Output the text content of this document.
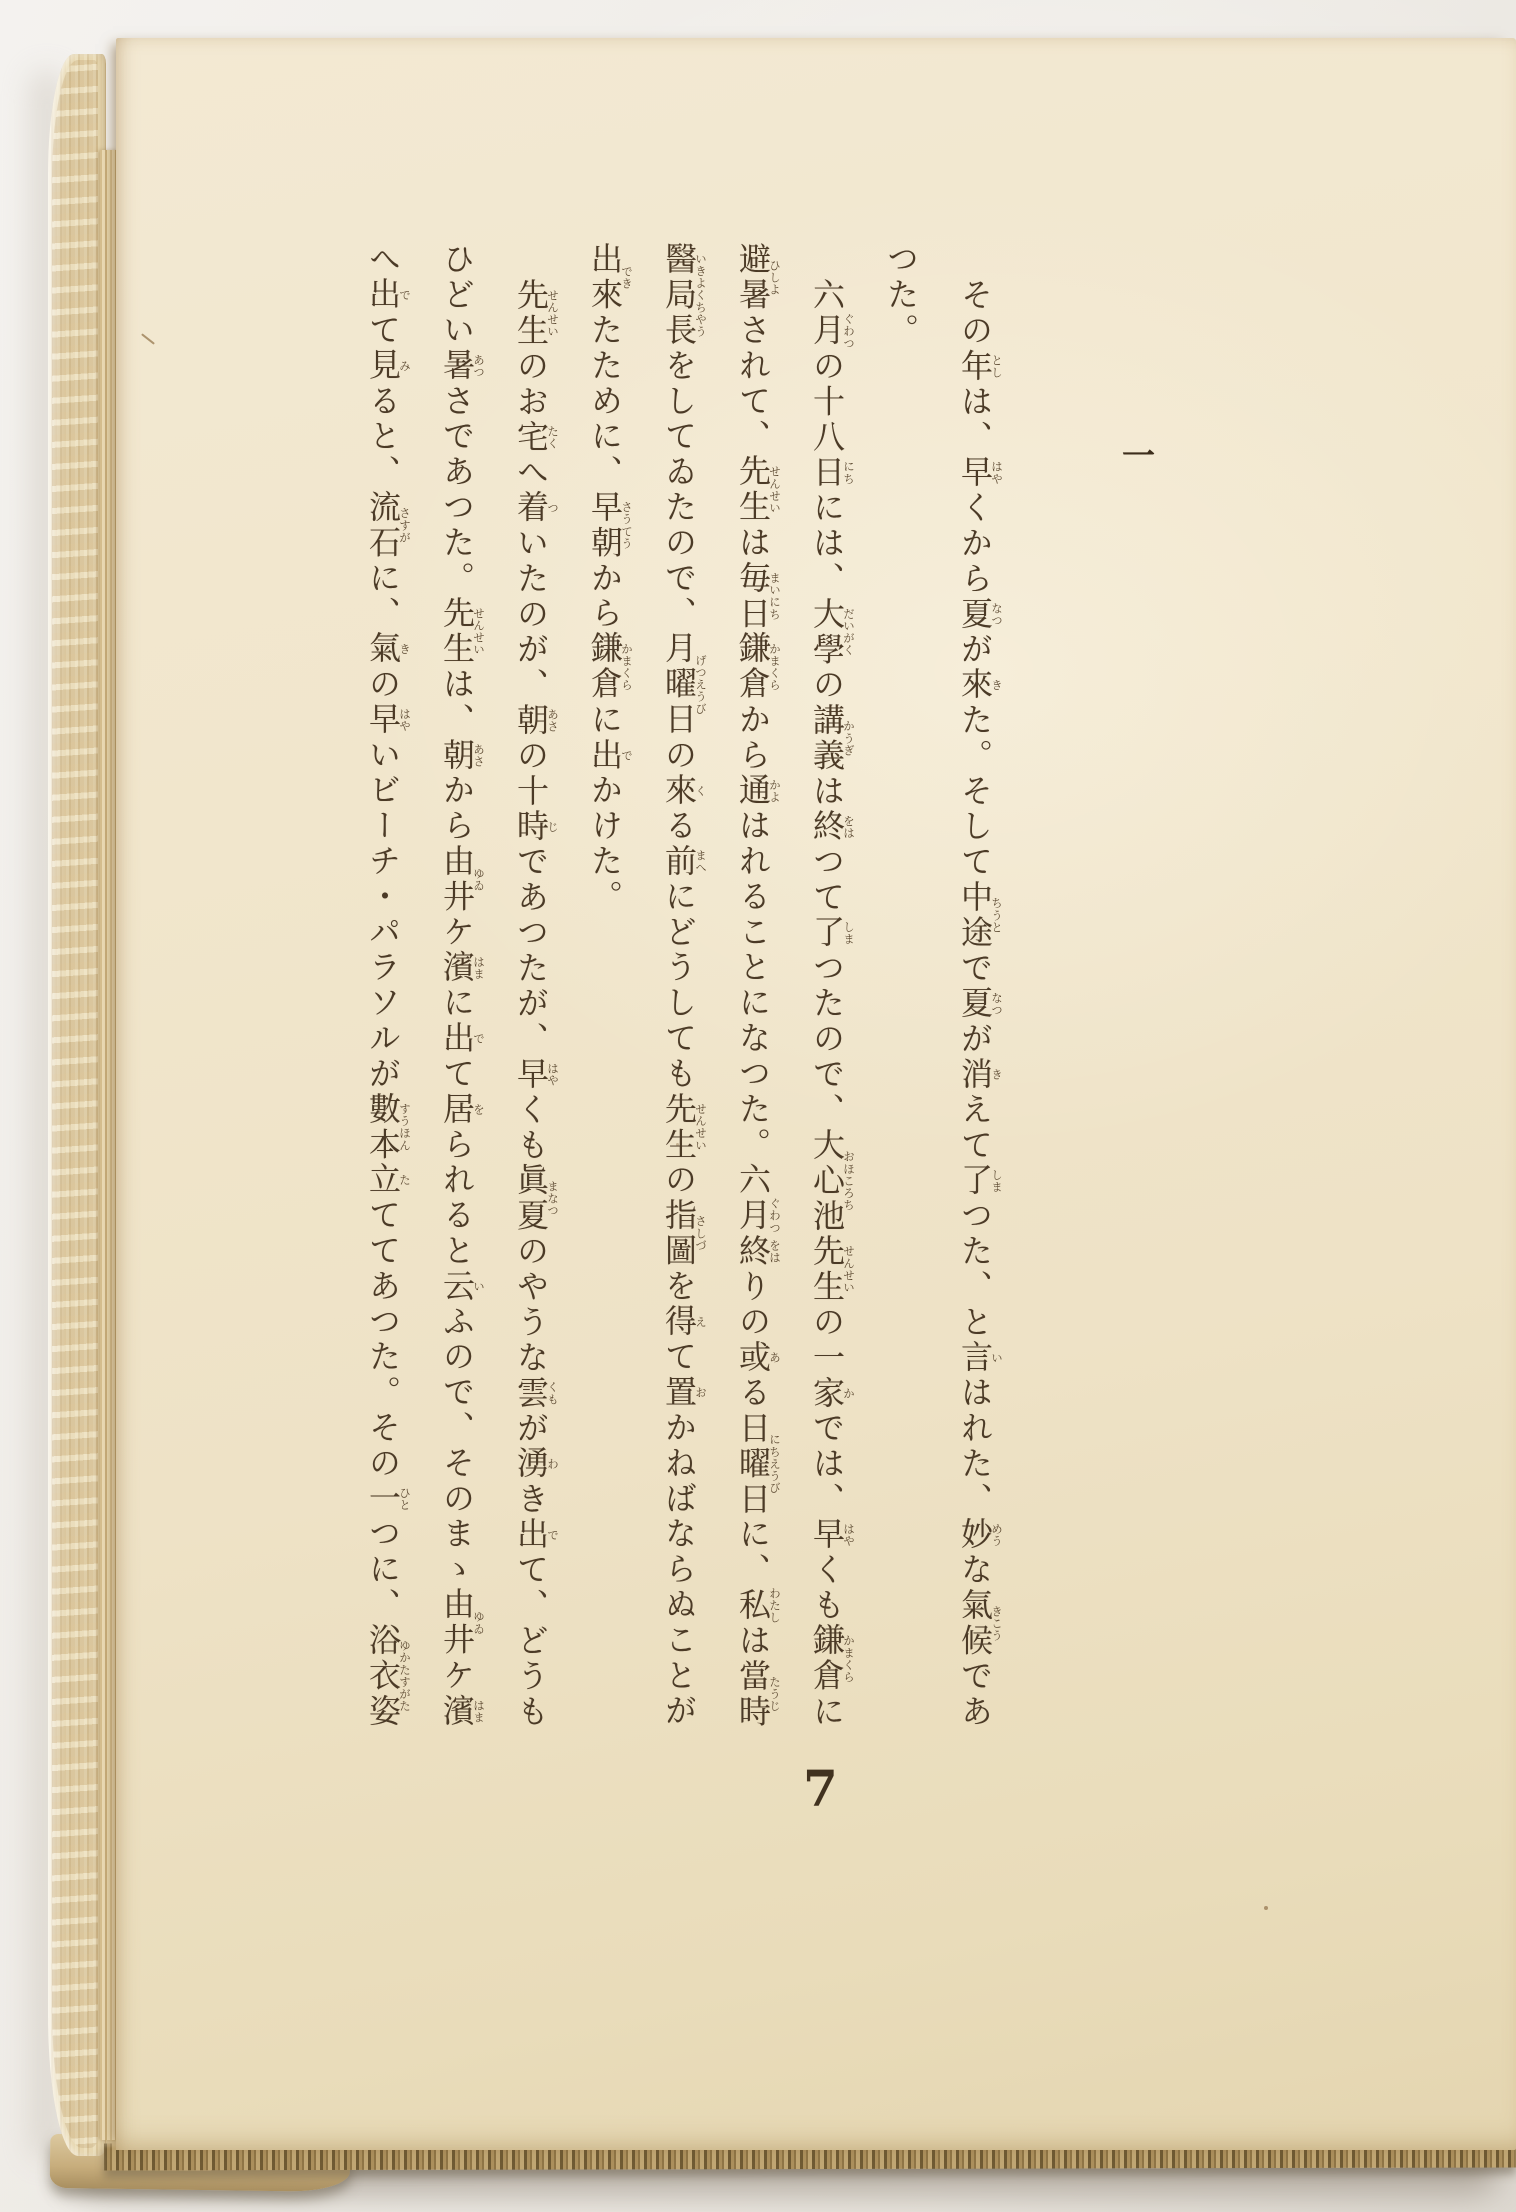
一
その年としは、早はやくから夏なつが來きた。そして中途ちうとで夏なつが消きえて了しまつた、と言いはれた、妙めうな氣候きこうであ
つた。
六月ぐわつの十八日にちには、大學だいがくの講義かうぎは終をはつて了しまつたので、大心池おほころち先生せんせいの一家かでは、早はやくも鎌倉かまくらに
避暑ひしよされて、先生せんせいは毎日まいにち鎌倉かまくらから通かよはれることになつた。六月ぐわつ終をはりの或ある日曜日にちえうびに、私わたしは當時たうじ
醫局長いきよくちやうをしてゐたので、月曜日げつえうびの來くる前まへにどうしても先生せんせいの指圖さしづを得えて置おかねばならぬことが
出來できたために、早朝さうてうから鎌倉かまくらに出でかけた。
先生せんせいのお宅たくへ着ついたのが、朝あさの十時じであつたが、早はやくも眞夏まなつのやうな雲くもが湧わき出でて、どうも
ひどい暑あつさであつた。先生せんせいは、朝あさから由井ゆゐケ濱はまに出でて居をられると云いふので、そのまゝ由井ゆゐケ濱はま
へ出でて見みると、流石さすがに、氣きの早はやいビーチ・パラソルが數本すうほん立たててあつた。その一ひとつに、浴衣姿ゆかたすがた
7
